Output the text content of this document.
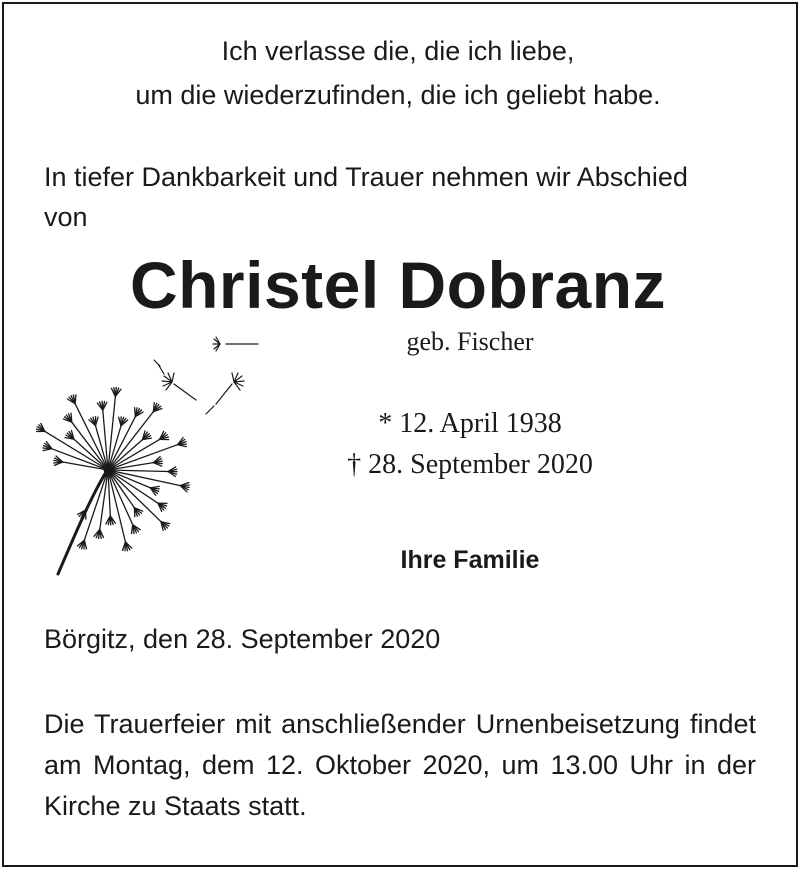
Ich verlasse die, die ich liebe,
um die wiederzufinden, die ich geliebt habe.
In tiefer Dankbarkeit und Trauer nehmen wir Abschied
von
Christel Dobranz
geb. Fischer
* 12. April 1938
† 28. September 2020
Ihre Familie
Börgitz, den 28. September 2020
Die Trauerfeier mit anschließender Urnenbeisetzung findet am Montag, dem 12. Oktober 2020, um 13.00 Uhr in der Kirche zu Staats statt.
